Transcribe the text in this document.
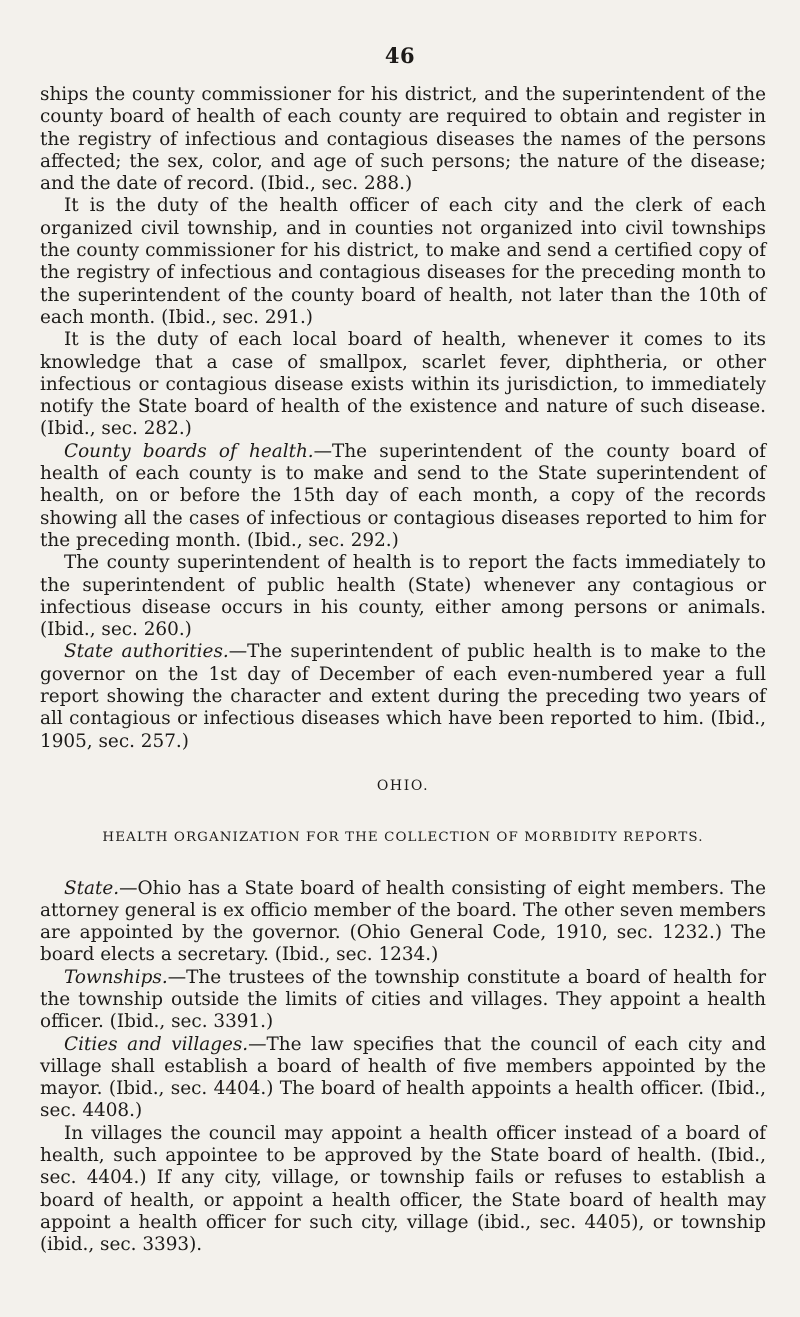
46

ships the county commissioner for his district, and the superintendent of the county board of health of each county are required to obtain and register in the registry of infectious and contagious diseases the names of the persons affected; the sex, color, and age of such persons; the nature of the disease; and the date of record. (Ibid., sec. 288.)

It is the duty of the health officer of each city and the clerk of each organized civil township, and in counties not organized into civil townships the county commissioner for his district, to make and send a certified copy of the registry of infectious and contagious diseases for the preceding month to the superintendent of the county board of health, not later than the 10th of each month. (Ibid., sec. 291.)

It is the duty of each local board of health, whenever it comes to its knowledge that a case of smallpox, scarlet fever, diphtheria, or other infectious or contagious disease exists within its jurisdiction, to immediately notify the State board of health of the existence and nature of such disease. (Ibid., sec. 282.)

County boards of health.—The superintendent of the county board of health of each county is to make and send to the State superintendent of health, on or before the 15th day of each month, a copy of the records showing all the cases of infectious or contagious diseases reported to him for the preceding month. (Ibid., sec. 292.)

The county superintendent of health is to report the facts immediately to the superintendent of public health (State) whenever any contagious or infectious disease occurs in his county, either among persons or animals. (Ibid., sec. 260.)

State authorities.—The superintendent of public health is to make to the governor on the 1st day of December of each even-numbered year a full report showing the character and extent during the preceding two years of all contagious or infectious diseases which have been reported to him. (Ibid., 1905, sec. 257.)

OHIO.
HEALTH ORGANIZATION FOR THE COLLECTION OF MORBIDITY REPORTS.

State.—Ohio has a State board of health consisting of eight members. The attorney general is ex officio member of the board. The other seven members are appointed by the governor. (Ohio General Code, 1910, sec. 1232.) The board elects a secretary. (Ibid., sec. 1234.)

Townships.—The trustees of the township constitute a board of health for the township outside the limits of cities and villages. They appoint a health officer. (Ibid., sec. 3391.)

Cities and villages.—The law specifies that the council of each city and village shall establish a board of health of five members appointed by the mayor. (Ibid., sec. 4404.) The board of health appoints a health officer. (Ibid., sec. 4408.)

In villages the council may appoint a health officer instead of a board of health, such appointee to be approved by the State board of health. (Ibid., sec. 4404.) If any city, village, or township fails or refuses to establish a board of health, or appoint a health officer, the State board of health may appoint a health officer for such city, village (ibid., sec. 4405), or township (ibid., sec. 3393).
